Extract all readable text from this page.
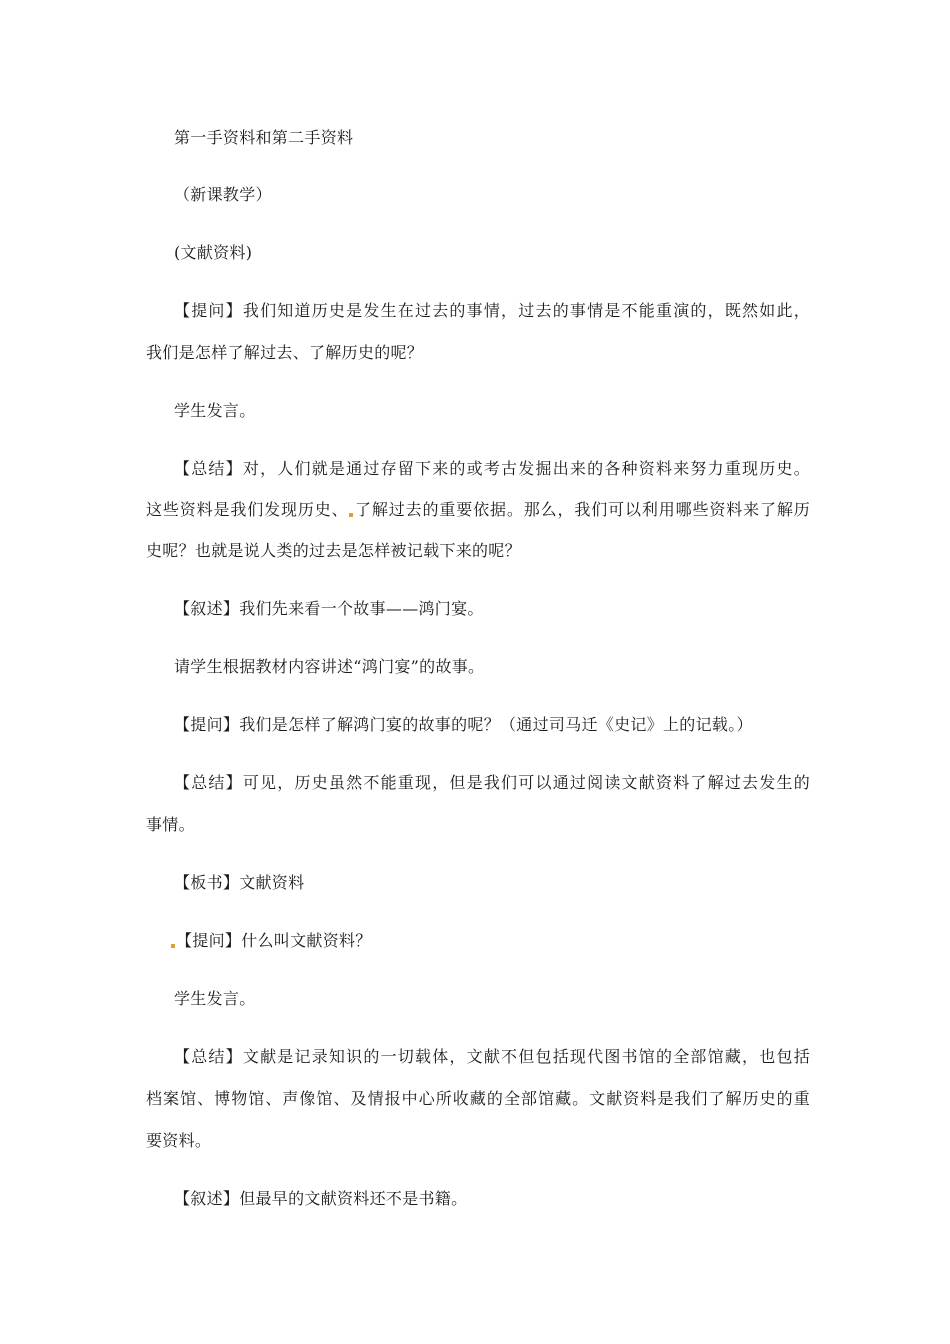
第一手资料和第二手资料
（新课教学）
(文献资料)
【提问】我们知道历史是发生在过去的事情，过去的事情是不能重演的，既然如此，
我们是怎样了解过去、了解历史的呢？
学生发言。
【总结】对，人们就是通过存留下来的或考古发掘出来的各种资料来努力重现历史。
这些资料是我们发现历史、 了解过去的重要依据。那么，我们可以利用哪些资料来了解历
史呢？也就是说人类的过去是怎样被记载下来的呢？
【叙述】我们先来看一个故事——鸿门宴。
请学生根据教材内容讲述“鸿门宴”的故事。
【提问】我们是怎样了解鸿门宴的故事的呢？（通过司马迁《史记》上的记载。）
【总结】可见，历史虽然不能重现，但是我们可以通过阅读文献资料了解过去发生的
事情。
【板书】文献资料
【提问】什么叫文献资料？
学生发言。
【总结】文献是记录知识的一切载体，文献不但包括现代图书馆的全部馆藏，也包括
档案馆、博物馆、声像馆、及情报中心所收藏的全部馆藏。文献资料是我们了解历史的重
要资料。
【叙述】但最早的文献资料还不是书籍。
